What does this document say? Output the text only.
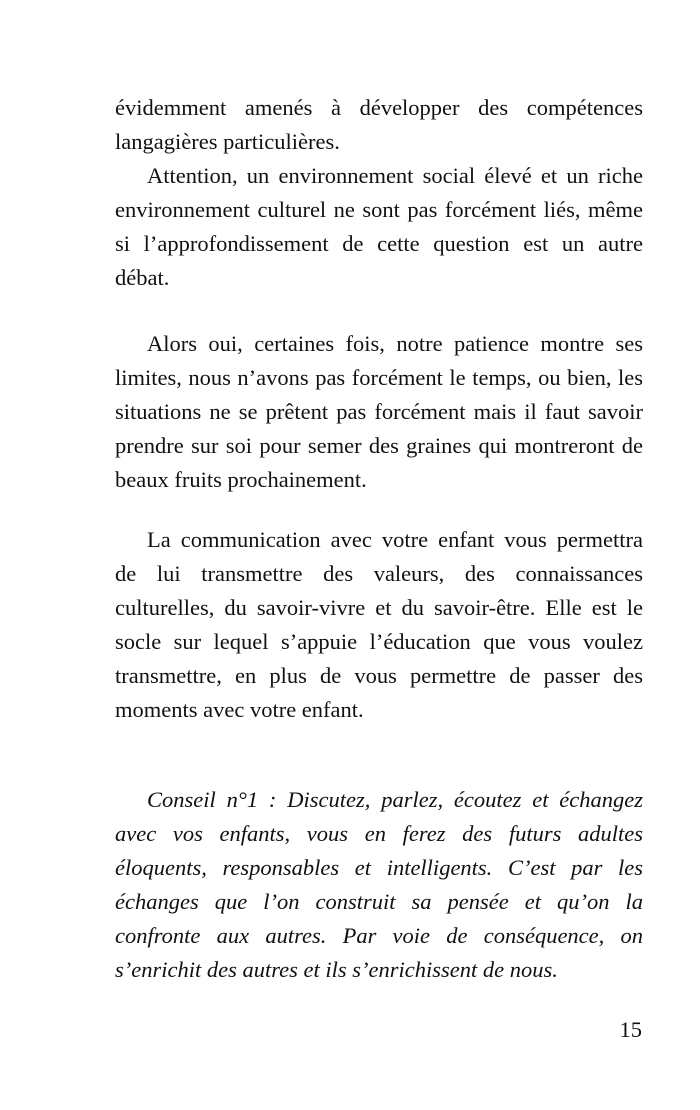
évidemment amenés à développer des compétences langagières particulières.

Attention, un environnement social élevé et un riche environnement culturel ne sont pas forcément liés, même si l’approfondissement de cette question est un autre débat.

Alors oui, certaines fois, notre patience montre ses limites, nous n’avons pas forcément le temps, ou bien, les situations ne se prêtent pas forcément mais il faut savoir prendre sur soi pour semer des graines qui montreront de beaux fruits prochainement.

La communication avec votre enfant vous permettra de lui transmettre des valeurs, des connaissances culturelles, du savoir-vivre et du savoir-être. Elle est le socle sur lequel s’appuie l’éducation que vous voulez transmettre, en plus de vous permettre de passer des moments avec votre enfant.

Conseil n°1 : Discutez, parlez, écoutez et échangez avec vos enfants, vous en ferez des futurs adultes éloquents, responsables et intelligents. C’est par les échanges que l’on construit sa pensée et qu’on la confronte aux autres. Par voie de conséquence, on s’enrichit des autres et ils s’enrichissent de nous.

15
